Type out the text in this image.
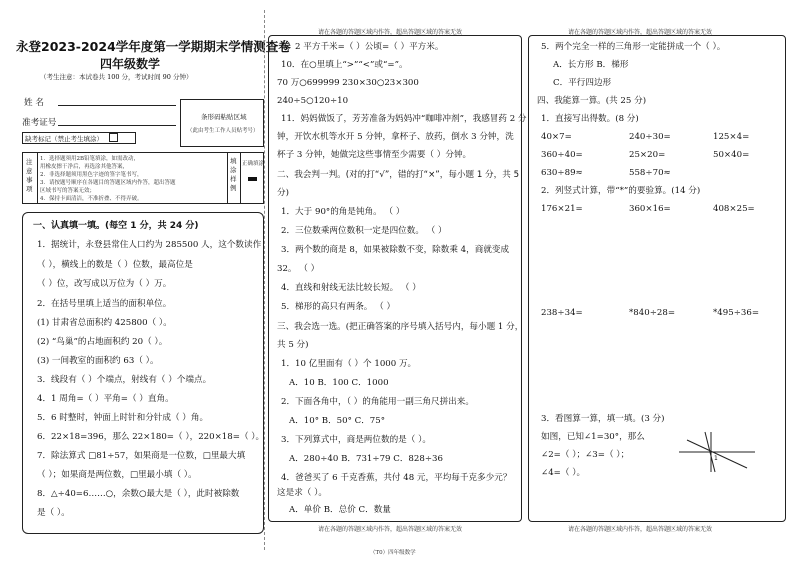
永登2023-2024学年度第一学期期末学情测查卷
四年级数学
（考生注意：本试卷共 100 分，考试时间 90 分钟）
姓 名
准考证号
缺考标记（禁止考生填涂）
条形码粘贴区域
（此由考生工作人员贴考号）
注意事项
1．选择题须用2B铅笔填涂，如需改动，
用橡皮擦干净后，再选涂其他答案，
2．非选择题须用黑色字迹的签字笔书写，
3．请按题号顺序在各题目的答题区域内作答，超出答题
区域书写的答案无效；
4．保持卡面清洁，不准折叠、不得弄破。
填涂样例
正确填涂
一、认真填一填。(每空 1 分，共 24 分)
1．据统计，永登县常住人口约为 285500 人，这个数读作
（ ），横线上的数是（ ）位数，最高位是
（ ）位，改写成以万位为（ ）万。
2．在括号里填上适当的面积单位。
(1) 甘肃省总面积约 425800（ ）。
(2) “鸟巢”的占地面积约 20（ ）。
(3) 一间教室的面积约 63（ ）。
3．线段有（ ）个端点，射线有（ ）个端点。
4．1 周角=（ ）平角=（ ）直角。
5．6 时整时，钟面上时针和分针成（ ）角。
6．22×18=396，那么 22×180=（ ），220×18=（ ）。
7．除法算式 □81÷57，如果商是一位数，□里最大填
（ ）；如果商是两位数，□里最小填（ ）。
8．△÷40=6……○，余数○最大是（ ），此时被除数
是（ ）。
请在各题的答题区域内作答，超出答题区域的答案无效
9．2 平方千米=（ ）公顷=（ ）平方米。
10．在○里填上“>”“<”或“=”。
70 万○699999 230×30○23×300
240÷5○120÷10
11．妈妈做饭了，芳芳准备为妈妈冲“咖啡冲剂”，我感冒药 2 分
钟，开饮水机等水开 5 分钟，拿杯子、放药，倒水 3 分钟，洗
杯子 3 分钟，她做完这些事情至少需要（ ）分钟。
二、我会判一判。(对的打“√”，错的打“×”，每小题 1 分，共 5
分)
1．大于 90°的角是钝角。 （ ）
2．三位数乘两位数积一定是四位数。 （ ）
3．两个数的商是 8，如果被除数不变，除数乘 4，商就变成
32。 （ ）
4．直线和射线无法比较长短。 （ ）
5．梯形的高只有两条。 （ ）
三、我会选一选。(把正确答案的序号填入括号内，每小题 1 分，
共 5 分)
1．10 亿里面有（ ）个 1000 万。
A．10 B．100 C．1000
2．下面各角中，（ ）的角能用一副三角尺拼出来。
A．10° B．50° C．75°
3．下列算式中，商是两位数的是（ ）。
A．280÷40 B．731÷79 C．828÷36
4．爸爸买了 6 千克香蕉，共付 48 元，平均每千克多少元？
这是求（ ）。
A．单价 B．总价 C．数量
请在各题的答题区域内作答，超出答题区域的答案无效
（T0）四年级数学
请在各题的答题区域内作答，超出答题区域的答案无效
5．两个完全一样的三角形一定能拼成一个（ ）。
A．长方形 B．梯形
C．平行四边形
四、我能算一算。(共 25 分)
1．直接写出得数。(8 分)
40×7=	240÷30=	125×4=
360÷40=	25×20=	50×40=
630÷89≈	558÷70≈
2．列竖式计算，带“*”的要验算。(14 分)
176×21=	360×16=	408×25=
238÷34=	*840÷28=	*495÷36=
3．看图算一算，填一填。(3 分)
如图，已知∠1=30°，那么
∠2=（ ）；∠3=（ ）；
∠4=（ ）。
1
请在各题的答题区域内作答，超出答题区域的答案无效
